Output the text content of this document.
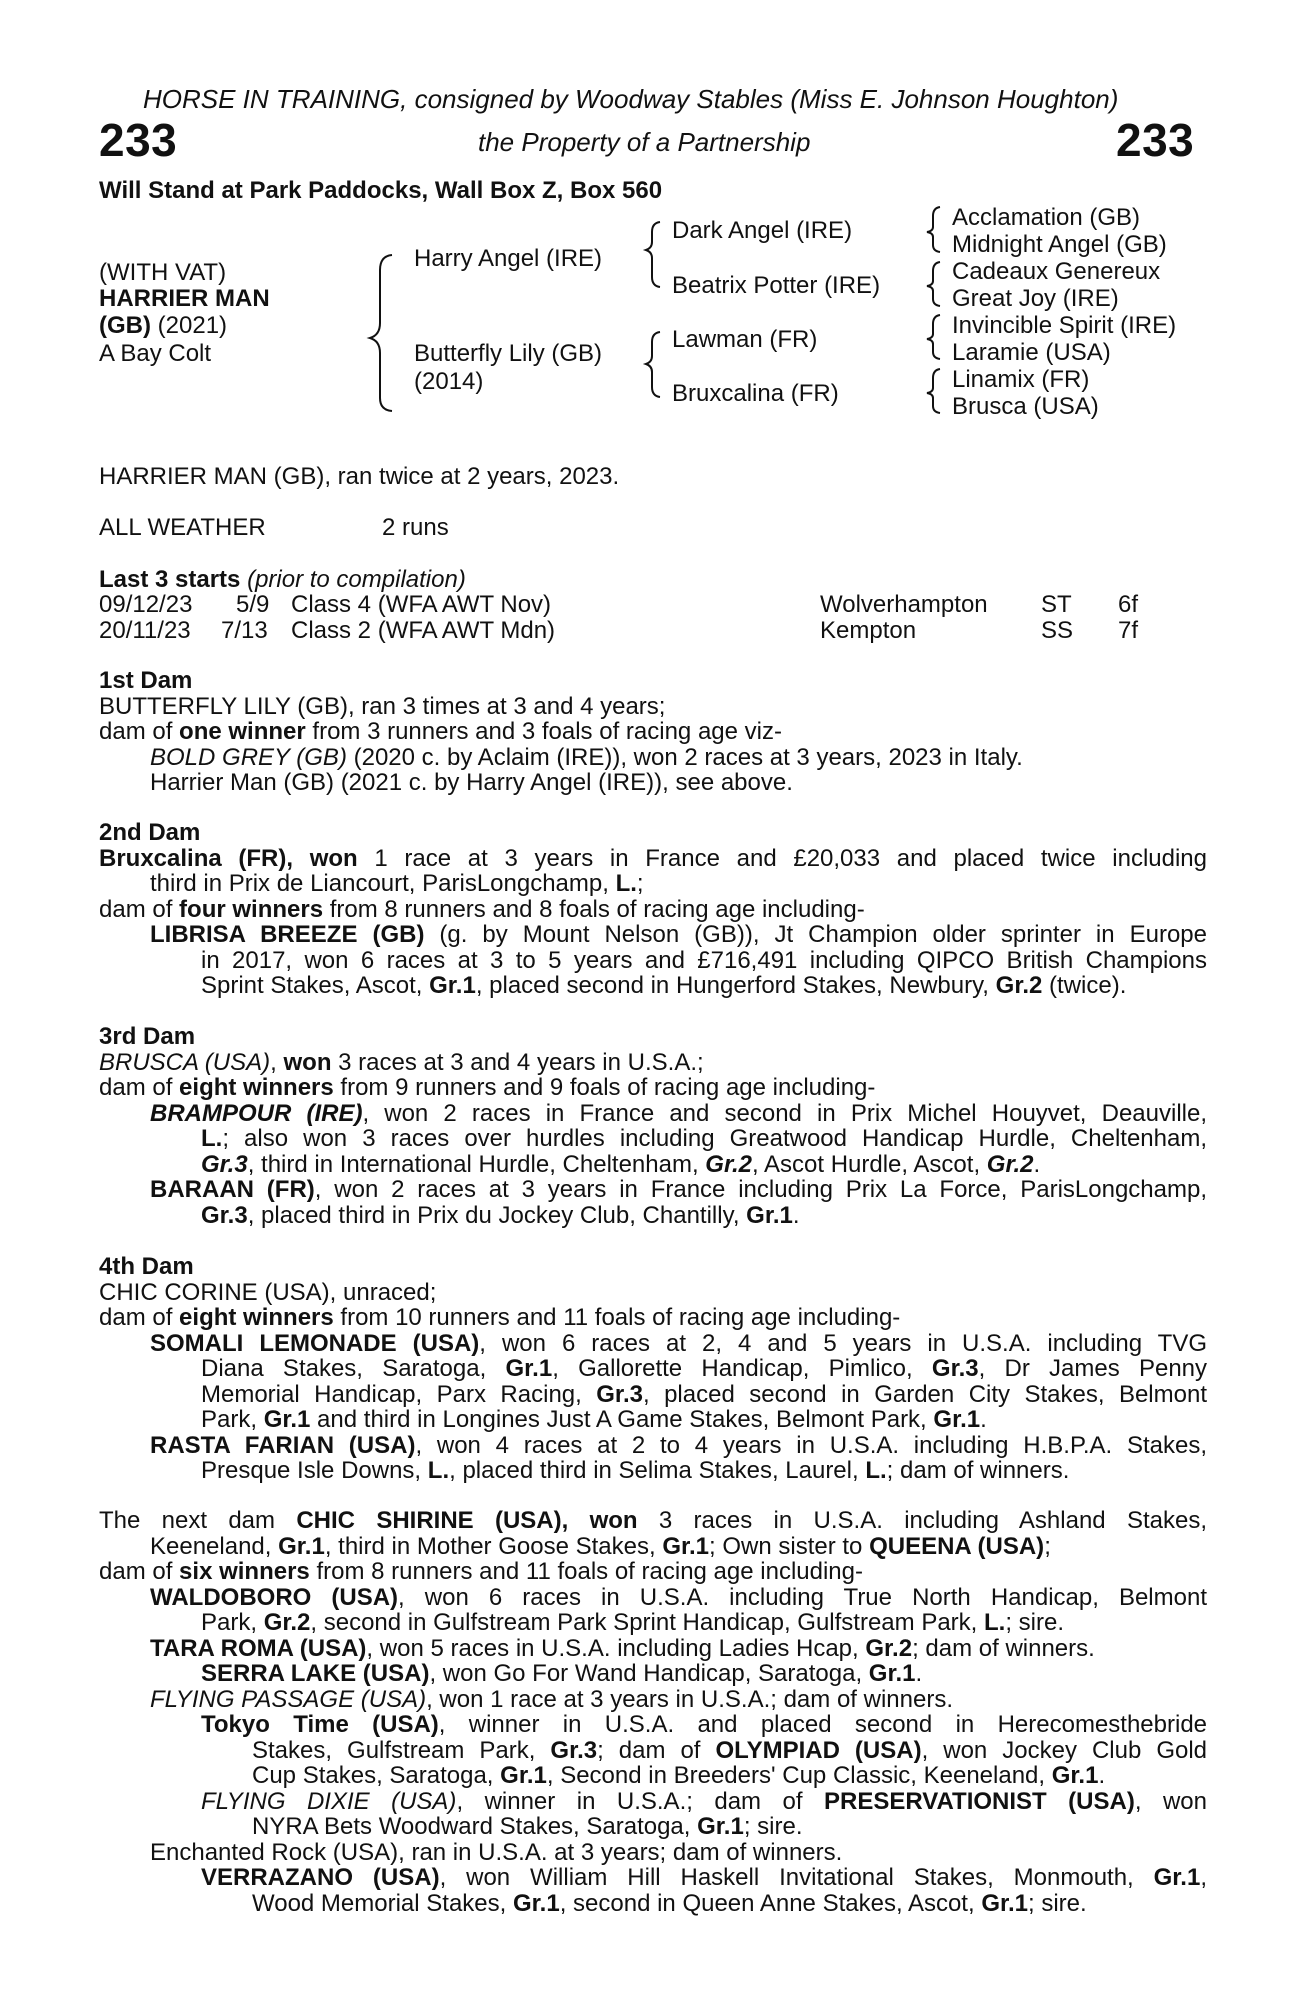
HORSE IN TRAINING, consigned by Woodway Stables (Miss E. Johnson Houghton)
233	the Property of a Partnership	233
Will Stand at Park Paddocks, Wall Box Z, Box 560
(WITH VAT)
HARRIER MAN
(GB) (2021)
A Bay Colt
Harry Angel (IRE)
Butterfly Lily (GB)
(2014)
Dark Angel (IRE)
Beatrix Potter (IRE)
Lawman (FR)
Bruxcalina (FR)
Acclamation (GB)
Midnight Angel (GB)
Cadeaux Genereux
Great Joy (IRE)
Invincible Spirit (IRE)
Laramie (USA)
Linamix (FR)
Brusca (USA)
HARRIER MAN (GB), ran twice at 2 years, 2023.
ALL WEATHER	2 runs
Last 3 starts (prior to compilation)
09/12/23 5/9 Class 4 (WFA AWT Nov)	Wolverhampton ST 6f
20/11/23 7/13 Class 2 (WFA AWT Mdn)	Kempton	SS 7f
1st Dam
BUTTERFLY LILY (GB), ran 3 times at 3 and 4 years;
dam of one winner from 3 runners and 3 foals of racing age viz-
BOLD GREY (GB) (2020 c. by Aclaim (IRE)), won 2 races at 3 years, 2023 in Italy.
Harrier Man (GB) (2021 c. by Harry Angel (IRE)), see above.
2nd Dam
Bruxcalina (FR), won 1 race at 3 years in France and £20,033 and placed twice including
third in Prix de Liancourt, ParisLongchamp, L.;
dam of four winners from 8 runners and 8 foals of racing age including-
LIBRISA BREEZE (GB) (g. by Mount Nelson (GB)), Jt Champion older sprinter in Europe
in 2017, won 6 races at 3 to 5 years and £716,491 including QIPCO British Champions
Sprint Stakes, Ascot, Gr.1, placed second in Hungerford Stakes, Newbury, Gr.2 (twice).
3rd Dam
BRUSCA (USA), won 3 races at 3 and 4 years in U.S.A.;
dam of eight winners from 9 runners and 9 foals of racing age including-
BRAMPOUR (IRE), won 2 races in France and second in Prix Michel Houyvet, Deauville,
L.; also won 3 races over hurdles including Greatwood Handicap Hurdle, Cheltenham,
Gr.3, third in International Hurdle, Cheltenham, Gr.2, Ascot Hurdle, Ascot, Gr.2.
BARAAN (FR), won 2 races at 3 years in France including Prix La Force, ParisLongchamp,
Gr.3, placed third in Prix du Jockey Club, Chantilly, Gr.1.
4th Dam
CHIC CORINE (USA), unraced;
dam of eight winners from 10 runners and 11 foals of racing age including-
SOMALI LEMONADE (USA), won 6 races at 2, 4 and 5 years in U.S.A. including TVG
Diana Stakes, Saratoga, Gr.1, Gallorette Handicap, Pimlico, Gr.3, Dr James Penny
Memorial Handicap, Parx Racing, Gr.3, placed second in Garden City Stakes, Belmont
Park, Gr.1 and third in Longines Just A Game Stakes, Belmont Park, Gr.1.
RASTA FARIAN (USA), won 4 races at 2 to 4 years in U.S.A. including H.B.P.A. Stakes,
Presque Isle Downs, L., placed third in Selima Stakes, Laurel, L.; dam of winners.
The next dam CHIC SHIRINE (USA), won 3 races in U.S.A. including Ashland Stakes,
Keeneland, Gr.1, third in Mother Goose Stakes, Gr.1; Own sister to QUEENA (USA);
dam of six winners from 8 runners and 11 foals of racing age including-
WALDOBORO (USA), won 6 races in U.S.A. including True North Handicap, Belmont
Park, Gr.2, second in Gulfstream Park Sprint Handicap, Gulfstream Park, L.; sire.
TARA ROMA (USA), won 5 races in U.S.A. including Ladies Hcap, Gr.2; dam of winners.
SERRA LAKE (USA), won Go For Wand Handicap, Saratoga, Gr.1.
FLYING PASSAGE (USA), won 1 race at 3 years in U.S.A.; dam of winners.
Tokyo Time (USA), winner in U.S.A. and placed second in Herecomesthebride
Stakes, Gulfstream Park, Gr.3; dam of OLYMPIAD (USA), won Jockey Club Gold
Cup Stakes, Saratoga, Gr.1, Second in Breeders' Cup Classic, Keeneland, Gr.1.
FLYING DIXIE (USA), winner in U.S.A.; dam of PRESERVATIONIST (USA), won
NYRA Bets Woodward Stakes, Saratoga, Gr.1; sire.
Enchanted Rock (USA), ran in U.S.A. at 3 years; dam of winners.
VERRAZANO (USA), won William Hill Haskell Invitational Stakes, Monmouth, Gr.1,
Wood Memorial Stakes, Gr.1, second in Queen Anne Stakes, Ascot, Gr.1; sire.
